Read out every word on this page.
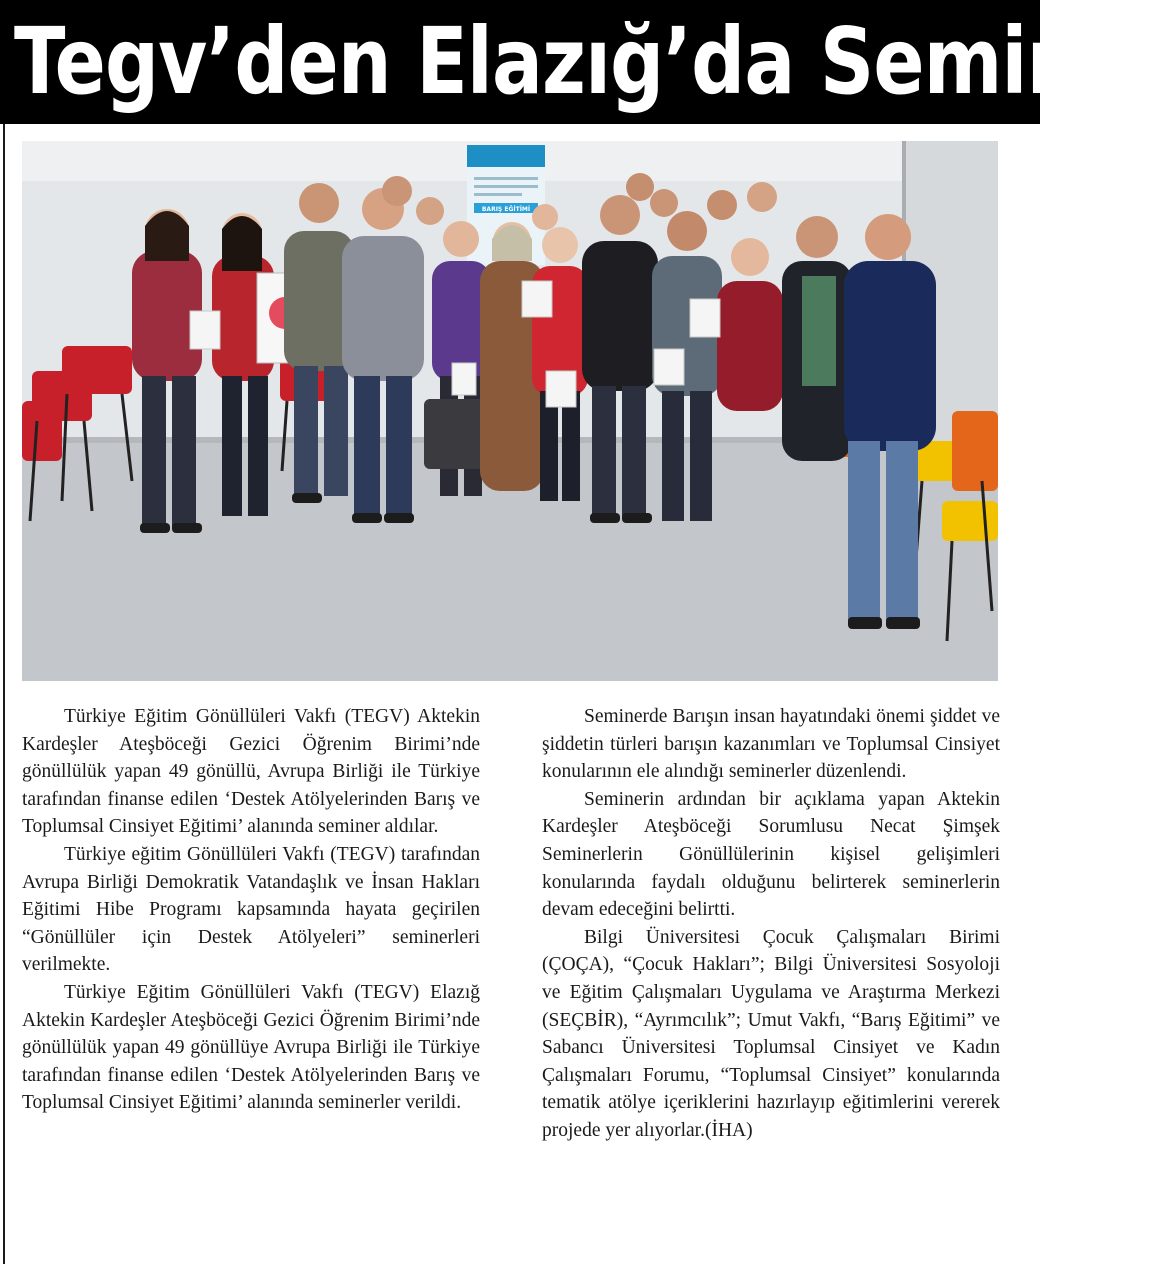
Tegv’den Elazığ’da Seminer
BARIŞ EĞİTİMİ

Türkiye Eğitim Gönüllüleri Vakfı (TEGV) Aktekin Kardeşler Ateşböceği Gezici Öğrenim Birimi’nde gönüllülük yapan 49 gönüllü, Avrupa Birliği ile Türkiye tarafından finanse edilen ‘Destek Atölyelerinden Barış ve Toplumsal Cinsiyet Eğitimi’ alanında seminer aldılar.

Türkiye eğitim Gönüllüleri Vakfı (TEGV) tarafından Avrupa Birliği Demokratik Vatandaşlık ve İnsan Hakları Eğitimi Hibe Programı kapsamında hayata geçirilen “Gönüllüler için Destek Atölyeleri” seminerleri verilmekte.

Türkiye Eğitim Gönüllüleri Vakfı (TEGV) Elazığ Aktekin Kardeşler Ateşböceği Gezici Öğrenim Birimi’nde gönüllülük yapan 49 gönüllüye Avrupa Birliği ile Türkiye tarafından finanse edilen ‘Destek Atölyelerinden Barış ve Toplumsal Cinsiyet Eğitimi’ alanında seminerler verildi.

Seminerde Barışın insan hayatındaki önemi şiddet ve şiddetin türleri barışın kazanımları ve Toplumsal Cinsiyet konularının ele alındığı seminerler düzenlendi.

Seminerin ardından bir açıklama yapan Aktekin Kardeşler Ateşböceği Sorumlusu Necat Şimşek Seminerlerin Gönüllülerinin kişisel gelişimleri konularında faydalı olduğunu belirterek seminerlerin devam edeceğini belirtti.

Bilgi Üniversitesi Çocuk Çalışmaları Birimi (ÇOÇA), “Çocuk Hakları”; Bilgi Üniversitesi Sosyoloji ve Eğitim Çalışmaları Uygulama ve Araştırma Merkezi (SEÇBİR), “Ayrımcılık”; Umut Vakfı, “Barış Eğitimi” ve Sabancı Üniversitesi Toplumsal Cinsiyet ve Kadın Çalışmaları Forumu, “Toplumsal Cinsiyet” konularında tematik atölye içeriklerini hazırlayıp eğitimlerini vererek projede yer alıyorlar.(İHA)
